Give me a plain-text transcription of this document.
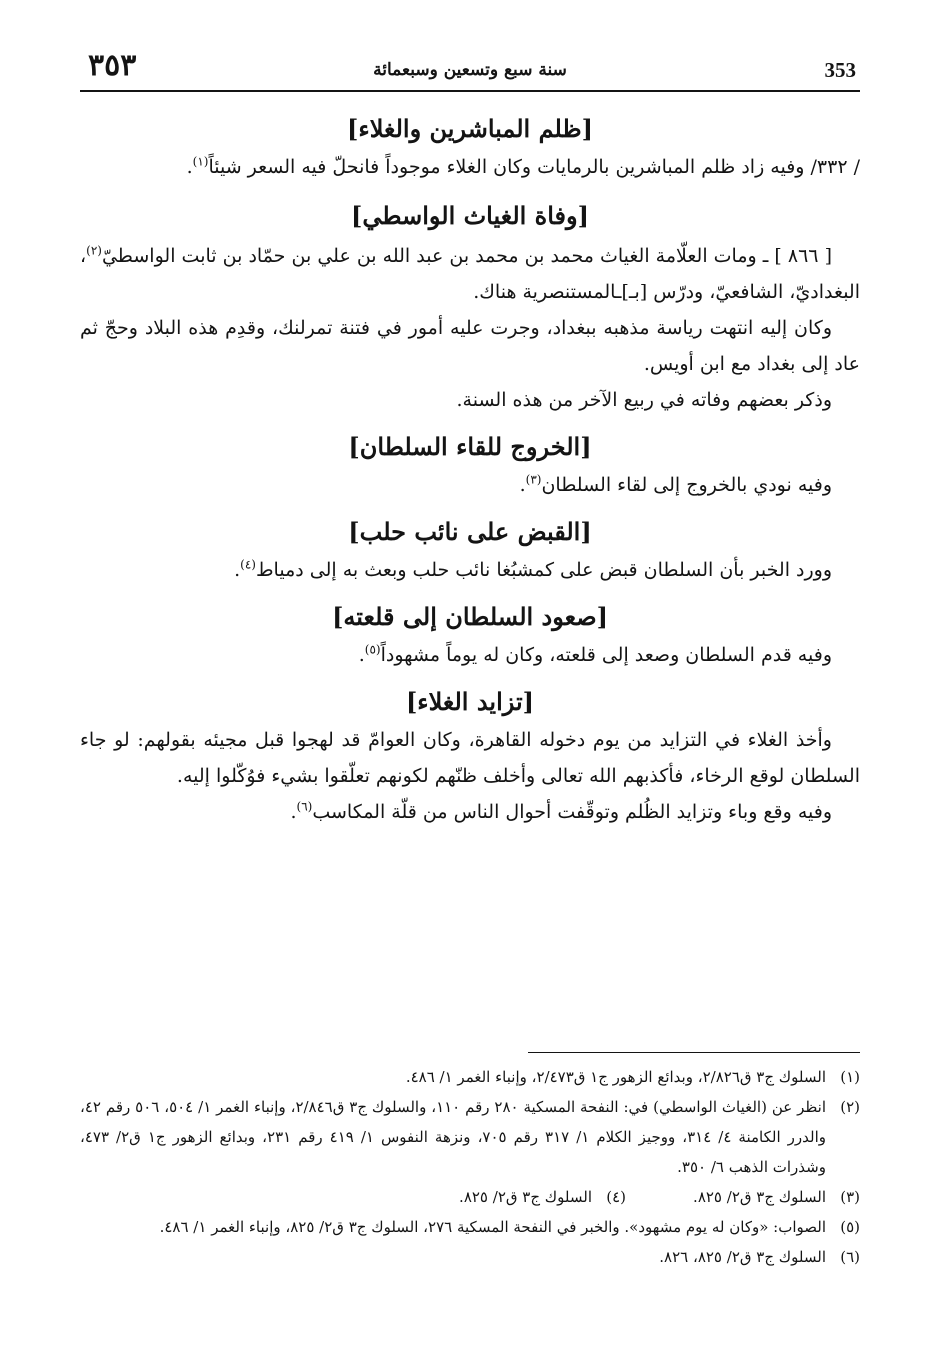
٣٥٣	سنة سبع وتسعين وسبعمائة	353
[ظلم المباشرين والغلاء]

/ ٣٣٢/ وفيه زاد ظلم المباشرين بالرمايات وكان الغلاء موجوداً فانحلّ فيه السعر شيئاً$^{(١)}$.

[وفاة الغياث الواسطي]

[ ٨٦٦ ] ـ ومات العلّامة الغياث محمد بن محمد بن عبد الله بن علي بن حمّاد بن ثابت الواسطيّ$^{(٢)}$، البغداديّ، الشافعيّ، ودرّس [بـ]ـالمستنصرية هناك.

وكان إليه انتهت رياسة مذهبه ببغداد، وجرت عليه أمور في فتنة تمرلنك، وقدِم هذه البلاد وحجّ ثم عاد إلى بغداد مع ابن أويس.

وذكر بعضهم وفاته في ربيع الآخر من هذه السنة.

[الخروج للقاء السلطان]

وفيه نودي بالخروج إلى لقاء السلطان$^{(٣)}$.

[القبض على نائب حلب]

وورد الخبر بأن السلطان قبض على كمشبُغا نائب حلب وبعث به إلى دمياط$^{(٤)}$.

[صعود السلطان إلى قلعته]

وفيه قدم السلطان وصعد إلى قلعته، وكان له يوماً مشهوداً$^{(٥)}$.

[تزايد الغلاء]

وأخذ الغلاء في التزايد من يوم دخوله القاهرة، وكان العوامّ قد لهجوا قبل مجيئه بقولهم: لو جاء السلطان لوقع الرخاء، فأكذبهم الله تعالى وأخلف ظنّهم لكونهم تعلّقوا بشيء فوُكّلوا إليه.

وفيه وقع وباء وتزايد الظُلم وتوقّفت أحوال الناس من قلّة المكاسب$^{(٦)}$.

(١)
السلوك ج٣ ق٢/٨٢٦، وبدائع الزهور ج١ ق٢/٤٧٣، وإنباء الغمر ١/ ٤٨٦.
(٢)
انظر عن (الغياث الواسطي) في: النفحة المسكية ٢٨٠ رقم ١١٠، والسلوك ج٣ ق٢/٨٤٦، وإنباء الغمر ١/ ٥٠٤، ٥٠٦ رقم ٤٢، والدرر الكامنة ٤/ ٣١٤، ووجيز الكلام ١/ ٣١٧ رقم ٧٠٥، ونزهة النفوس ١/ ٤١٩ رقم ٢٣١، وبدائع الزهور ج١ ق٢/ ٤٧٣، وشذرات الذهب ٦/ ٣٥٠.
(٣)
السلوك ج٣ ق٢/ ٨٢٥.
(٤)
السلوك ج٣ ق٢/ ٨٢٥.
(٥)
الصواب: «وكان له يوم مشهود». والخبر في النفحة المسكية ٢٧٦، السلوك ج٣ ق٢/ ٨٢٥، وإنباء الغمر ١/ ٤٨٦.
(٦)
السلوك ج٣ ق٢/ ٨٢٥، ٨٢٦.
